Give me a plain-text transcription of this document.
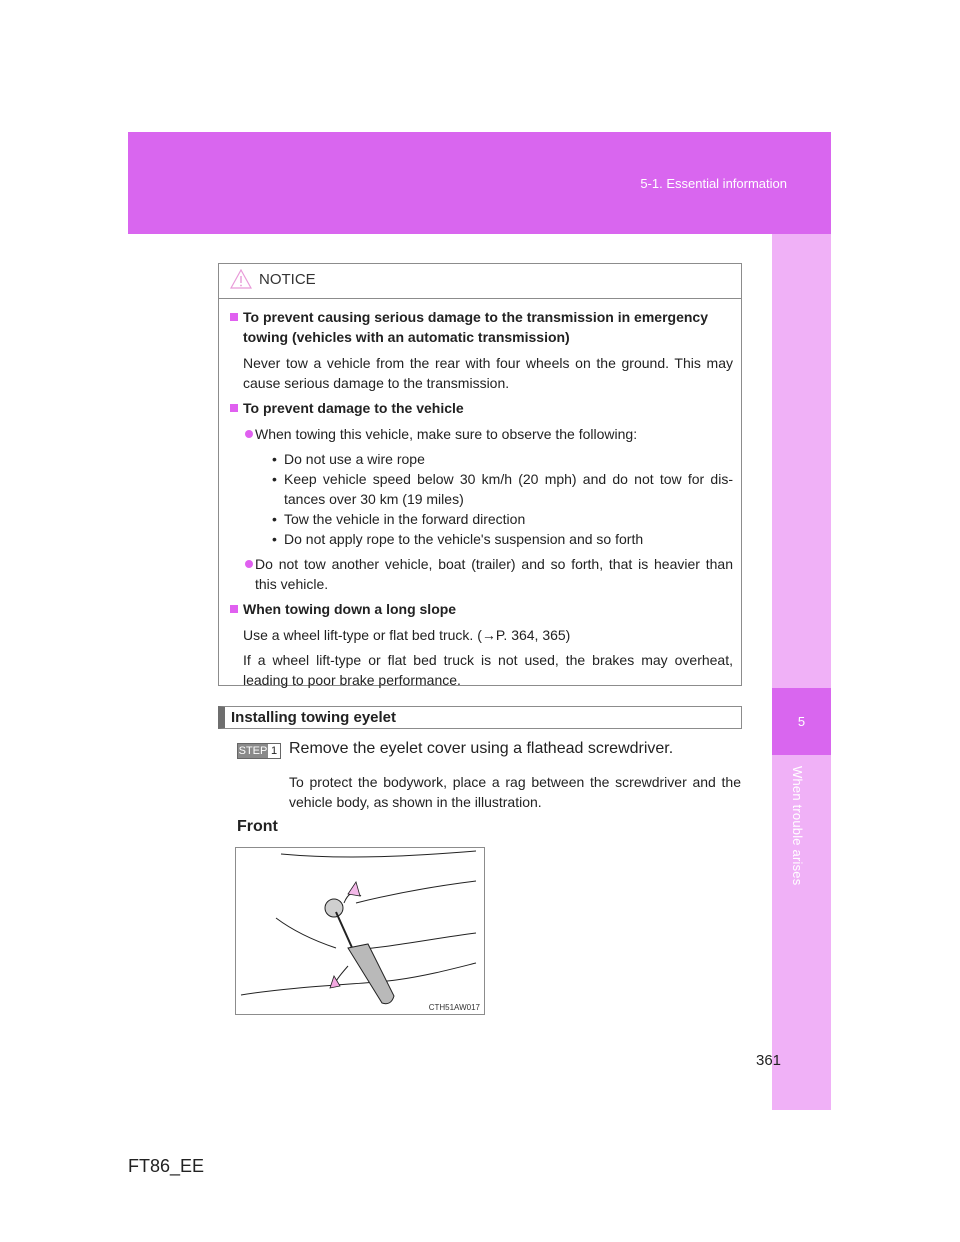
5-1. Essential information
5
When trouble arises
NOTICE
To prevent causing serious damage to the transmission in emergency towing (vehicles with an automatic transmission)
Never tow a vehicle from the rear with four wheels on the ground. This may cause serious damage to the transmission.
To prevent damage to the vehicle
When towing this vehicle, make sure to observe the following:
• Do not use a wire rope
• Keep vehicle speed below 30 km/h (20 mph) and do not tow for dis- tances over 30 km (19 miles)
• Tow the vehicle in the forward direction
• Do not apply rope to the vehicle's suspension and so forth
Do not tow another vehicle, boat (trailer) and so forth, that is heavier than this vehicle.
When towing down a long slope
Use a wheel lift-type or flat bed truck. (→P. 364, 365)
If a wheel lift-type or flat bed truck is not used, the brakes may overheat, leading to poor brake performance.
Installing towing eyelet
STEP 1 Remove the eyelet cover using a flathead screwdriver.
To protect the bodywork, place a rag between the screwdriver and the vehicle body, as shown in the illustration.
Front
CTH51AW017
361
FT86_EE
